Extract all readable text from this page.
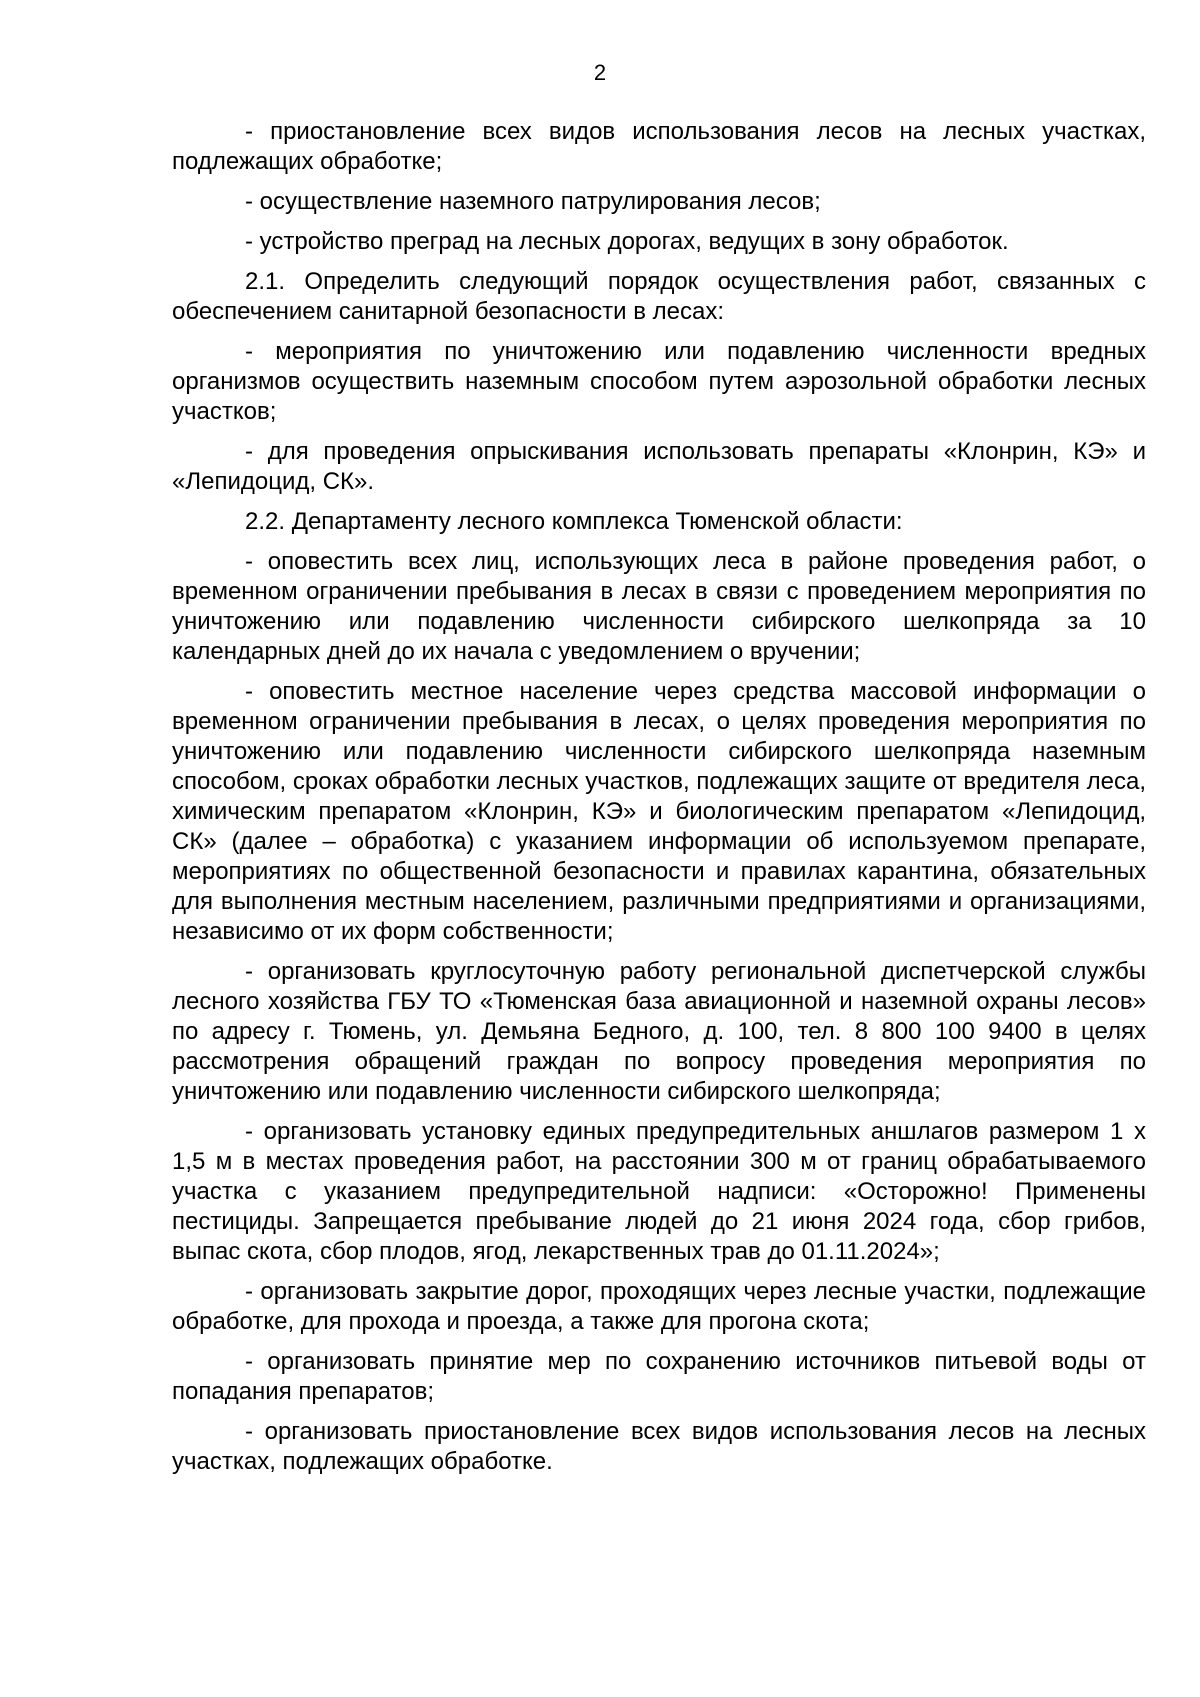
2

- приостановление всех видов использования лесов на лесных участках, подлежащих обработке;

- осуществление наземного патрулирования лесов;

- устройство преград на лесных дорогах, ведущих в зону обработок.

2.1. Определить следующий порядок осуществления работ, связанных с обеспечением санитарной безопасности в лесах:

- мероприятия по уничтожению или подавлению численности вредных организмов осуществить наземным способом путем аэрозольной обработки лесных участков;

- для проведения опрыскивания использовать препараты «Клонрин, КЭ» и «Лепидоцид, СК».

2.2. Департаменту лесного комплекса Тюменской области:

- оповестить всех лиц, использующих леса в районе проведения работ, о временном ограничении пребывания в лесах в связи с проведением мероприятия по уничтожению или подавлению численности сибирского шелкопряда за 10 календарных дней до их начала с уведомлением о вручении;

- оповестить местное население через средства массовой информации о временном ограничении пребывания в лесах, о целях проведения мероприятия по уничтожению или подавлению численности сибирского шелкопряда наземным способом, сроках обработки лесных участков, подлежащих защите от вредителя леса, химическим препаратом «Клонрин, КЭ» и биологическим препаратом «Лепидоцид, СК» (далее – обработка) с указанием информации об используемом препарате, мероприятиях по общественной безопасности и правилах карантина, обязательных для выполнения местным населением, различными предприятиями и организациями, независимо от их форм собственности;

- организовать круглосуточную работу региональной диспетчерской службы лесного хозяйства ГБУ ТО «Тюменская база авиационной и наземной охраны лесов» по адресу г. Тюмень, ул. Демьяна Бедного, д. 100, тел. 8 800 100 9400 в целях рассмотрения обращений граждан по вопросу проведения мероприятия по уничтожению или подавлению численности сибирского шелкопряда;

- организовать установку единых предупредительных аншлагов размером 1 х 1,5 м в местах проведения работ, на расстоянии 300 м от границ обрабатываемого участка с указанием предупредительной надписи: «Осторожно! Применены пестициды. Запрещается пребывание людей до 21 июня 2024 года, сбор грибов, выпас скота, сбор плодов, ягод, лекарственных трав до 01.11.2024»;

- организовать закрытие дорог, проходящих через лесные участки, подлежащие обработке, для прохода и проезда, а также для прогона скота;

- организовать принятие мер по сохранению источников питьевой воды от попадания препаратов;

- организовать приостановление всех видов использования лесов на лесных участках, подлежащих обработке.
